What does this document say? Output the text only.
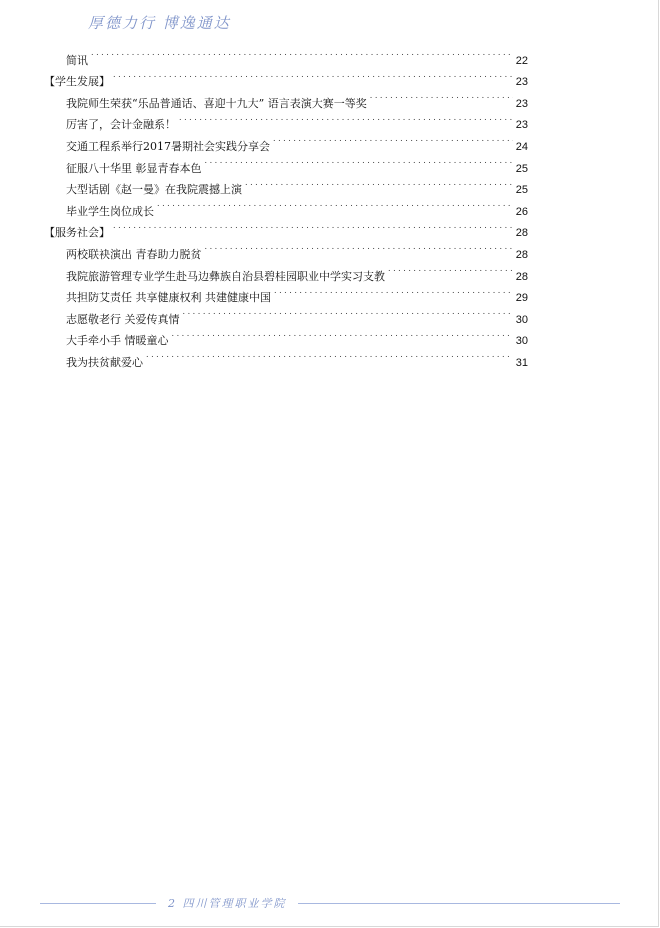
厚德力行 博逸通达
简讯 . . .	22
【学生发展】 . . .	23
我院师生荣获“乐品普通话、喜迎十九大” 语言表演大赛一等奖 . . .	23
厉害了，会计金融系！ . . .	23
交通工程系举行2017暑期社会实践分享会 . . .	24
征服八十华里 彰显青春本色 . . .	25
大型话剧《赵一曼》在我院震撼上演 . . .	25
毕业学生岗位成长 . . .	26
【服务社会】 . . .	28
两校联袂演出 青春助力脱贫 . . .	28
我院旅游管理专业学生赴马边彝族自治县碧桂园职业中学实习支教 . . .	28
共担防艾责任 共享健康权利 共建健康中国 . . .	29
志愿敬老行 关爱传真情 . . .	30
大手牵小手 情暖童心 . . .	30
我为扶贫献爱心 . . .	31
2 四川管理职业学院
